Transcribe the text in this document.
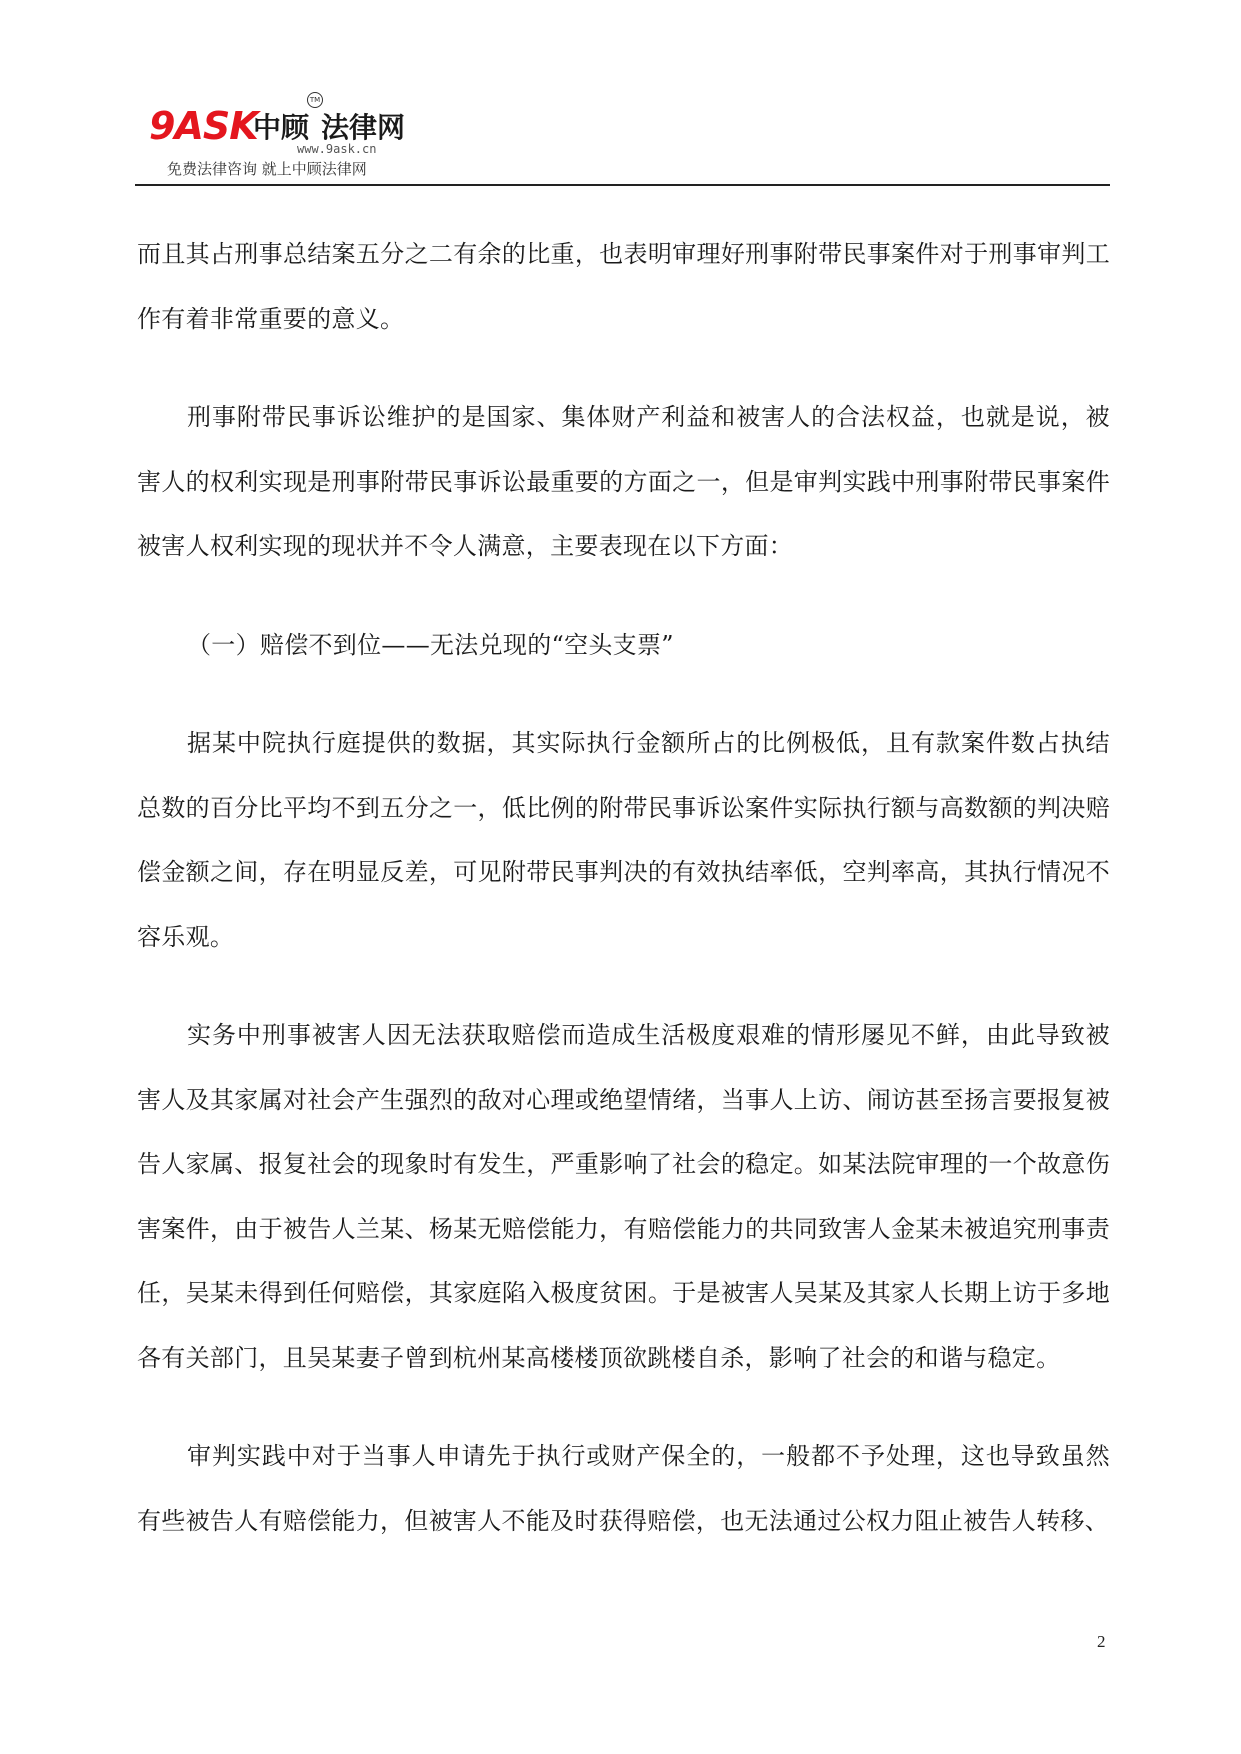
9ASK
中顾 法律网
TM
www.9ask.cn
免费法律咨询 就上中顾法律网

而且其占刑事总结案五分之二有余的比重，也表明审理好刑事附带民事案件对于刑事审判工作有着非常重要的意义。

刑事附带民事诉讼维护的是国家、集体财产利益和被害人的合法权益，也就是说，被害人的权利实现是刑事附带民事诉讼最重要的方面之一，但是审判实践中刑事附带民事案件被害人权利实现的现状并不令人满意，主要表现在以下方面：

（一）赔偿不到位——无法兑现的“空头支票”

据某中院执行庭提供的数据，其实际执行金额所占的比例极低，且有款案件数占执结总数的百分比平均不到五分之一，低比例的附带民事诉讼案件实际执行额与高数额的判决赔偿金额之间，存在明显反差，可见附带民事判决的有效执结率低，空判率高，其执行情况不容乐观。

实务中刑事被害人因无法获取赔偿而造成生活极度艰难的情形屡见不鲜，由此导致被害人及其家属对社会产生强烈的敌对心理或绝望情绪，当事人上访、闹访甚至扬言要报复被告人家属、报复社会的现象时有发生，严重影响了社会的稳定。如某法院审理的一个故意伤害案件，由于被告人兰某、杨某无赔偿能力，有赔偿能力的共同致害人金某未被追究刑事责任，吴某未得到任何赔偿，其家庭陷入极度贫困。于是被害人吴某及其家人长期上访于多地各有关部门，且吴某妻子曾到杭州某高楼楼顶欲跳楼自杀，影响了社会的和谐与稳定。

审判实践中对于当事人申请先于执行或财产保全的，一般都不予处理，这也导致虽然有些被告人有赔偿能力，但被害人不能及时获得赔偿，也无法通过公权力阻止被告人转移、

2
